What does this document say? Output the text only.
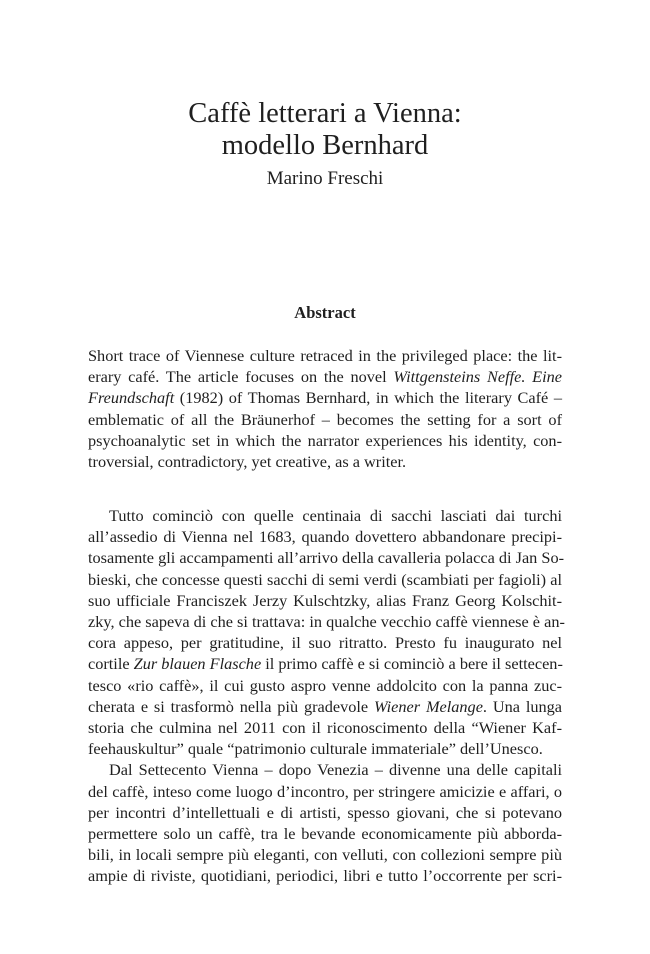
Caffè letterari a Vienna:
modello Bernhard
Marino Freschi
Abstract
Short trace of Viennese culture retraced in the privileged place: the lit-
erary café. The article focuses on the novel Wittgensteins Neffe. Eine
Freundschaft (1982) of Thomas Bernhard, in which the literary Café –
emblematic of all the Bräunerhof – becomes the setting for a sort of
psychoanalytic set in which the narrator experiences his identity, con-
troversial, contradictory, yet creative, as a writer.
Tutto cominciò con quelle centinaia di sacchi lasciati dai turchi
all’assedio di Vienna nel 1683, quando dovettero abbandonare precipi-
tosamente gli accampamenti all’arrivo della cavalleria polacca di Jan So-
bieski, che concesse questi sacchi di semi verdi (scambiati per fagioli) al
suo ufficiale Franciszek Jerzy Kulschtzky, alias Franz Georg Kolschit-
zky, che sapeva di che si trattava: in qualche vecchio caffè viennese è an-
cora appeso, per gratitudine, il suo ritratto. Presto fu inaugurato nel
cortile Zur blauen Flasche il primo caffè e si cominciò a bere il settecen-
tesco «rio caffè», il cui gusto aspro venne addolcito con la panna zuc-
cherata e si trasformò nella più gradevole Wiener Melange. Una lunga
storia che culmina nel 2011 con il riconoscimento della “Wiener Kaf-
feehauskultur” quale “patrimonio culturale immateriale” dell’Unesco.
Dal Settecento Vienna – dopo Venezia – divenne una delle capitali
del caffè, inteso come luogo d’incontro, per stringere amicizie e affari, o
per incontri d’intellettuali e di artisti, spesso giovani, che si potevano
permettere solo un caffè, tra le bevande economicamente più abborda-
bili, in locali sempre più eleganti, con velluti, con collezioni sempre più
ampie di riviste, quotidiani, periodici, libri e tutto l’occorrente per scri-
